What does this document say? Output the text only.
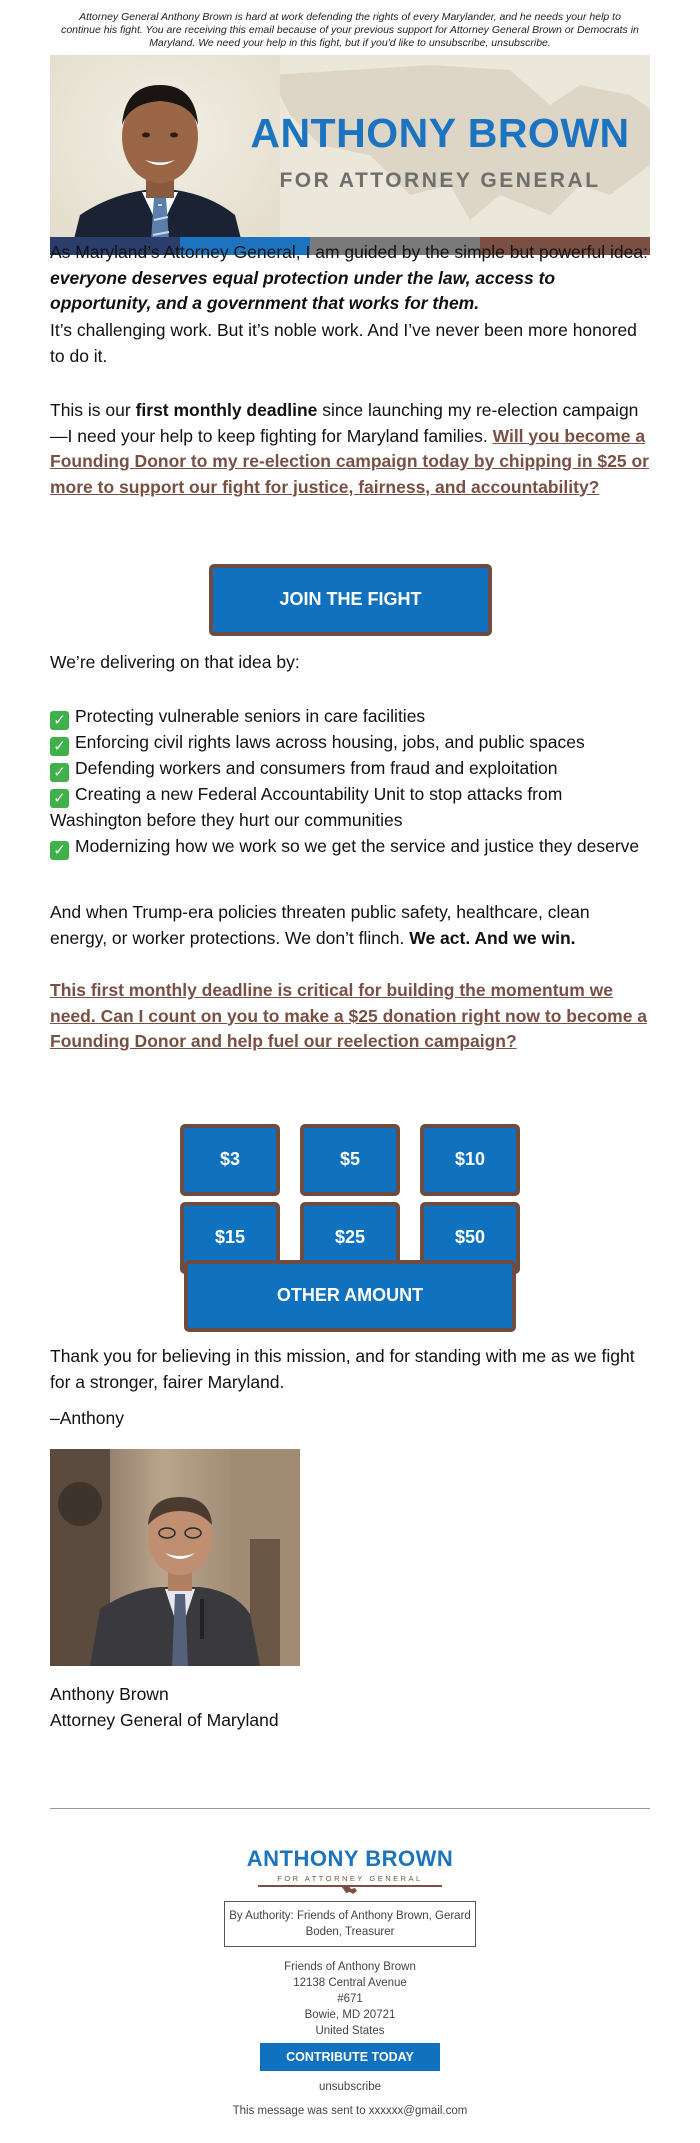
Attorney General Anthony Brown is hard at work defending the rights of every Marylander, and he needs your help to continue his fight. You are receiving this email because of your previous support for Attorney General Brown or Democrats in Maryland. We need your help in this fight, but if you'd like to unsubscribe, unsubscribe.
ANTHONY BROWN
FOR ATTORNEY GENERAL

As Maryland’s Attorney General, I am guided by the simple but powerful idea: everyone deserves equal protection under the law, access to opportunity, and a government that works for them.

It’s challenging work. But it’s noble work. And I’ve never been more honored to do it.

This is our first monthly deadline since launching my re-election campaign—I need your help to keep fighting for Maryland families. Will you become a Founding Donor to my re-election campaign today by chipping in $25 or more to support our fight for justice, fairness, and accountability?

JOIN THE FIGHT

We’re delivering on that idea by:

✓ Protecting vulnerable seniors in care facilities

✓ Enforcing civil rights laws across housing, jobs, and public spaces

✓ Defending workers and consumers from fraud and exploitation

✓ Creating a new Federal Accountability Unit to stop attacks from Washington before they hurt our communities

✓ Modernizing how we work so we get the service and justice they deserve

And when Trump-era policies threaten public safety, healthcare, clean energy, or worker protections. We don’t flinch. We act. And we win.

This first monthly deadline is critical for building the momentum we need. Can I count on you to make a $25 donation right now to become a Founding Donor and help fuel our reelection campaign?

$3	$5	$10
$15	$25	$50
OTHER AMOUNT

Thank you for believing in this mission, and for standing with me as we fight for a stronger, fairer Maryland.

–Anthony

Anthony Brown
Attorney General of Maryland

ANTHONY BROWN
FOR ATTORNEY GENERAL
By Authority: Friends of Anthony Brown, Gerard Boden, Treasurer
Friends of Anthony Brown
12138 Central Avenue
#671
Bowie, MD 20721
United States
CONTRIBUTE TODAY
unsubscribe
This message was sent to xxxxxx@gmail.com
